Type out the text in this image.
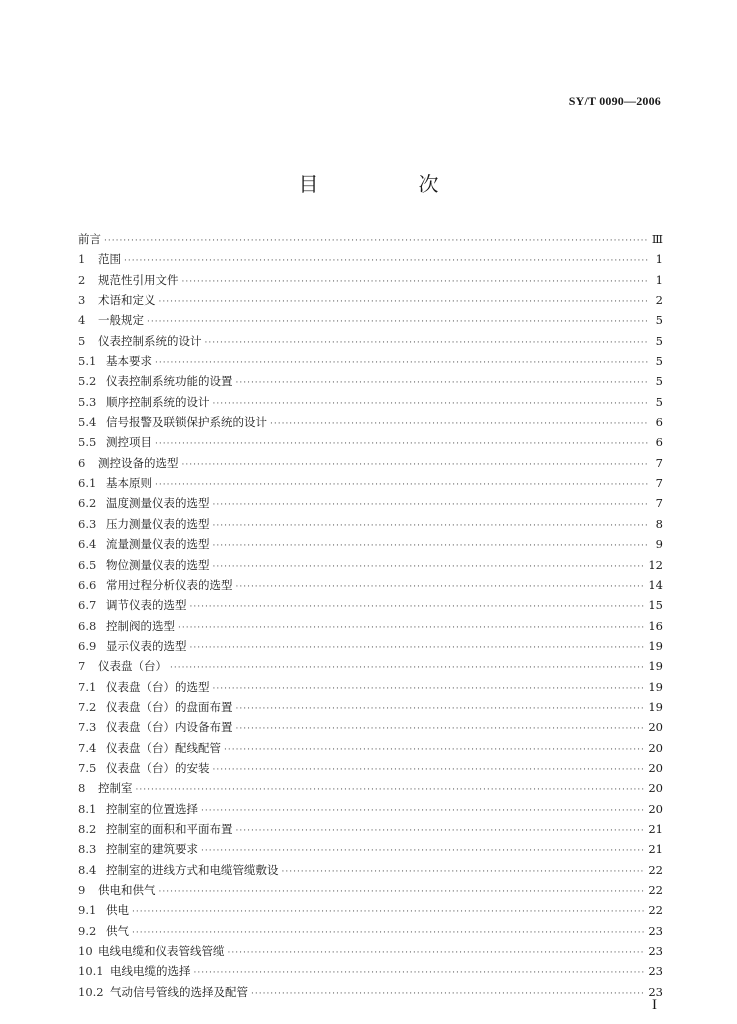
SY/T 0090—2006
目　次
前言 ·····	Ⅲ
1	范围 ·····	1
2	规范性引用文件 ·····	1
3	术语和定义 ·····	2
4	一般规定 ·····	5
5	仪表控制系统的设计 ·····	5
5.1 基本要求 ·····	5
5.2 仪表控制系统功能的设置 ·····	5
5.3 顺序控制系统的设计 ·····	5
5.4 信号报警及联锁保护系统的设计 ·····	6
5.5 测控项目 ·····	6
6	测控设备的选型 ·····	7
6.1 基本原则 ·····	7
6.2 温度测量仪表的选型 ·····	7
6.3 压力测量仪表的选型 ·····	8
6.4 流量测量仪表的选型 ·····	9
6.5 物位测量仪表的选型 ·····	12
6.6 常用过程分析仪表的选型 ·····	14
6.7 调节仪表的选型 ·····	15
6.8 控制阀的选型 ·····	16
6.9 显示仪表的选型 ·····	19
7	仪表盘（台） ·····	19
7.1 仪表盘（台）的选型 ·····	19
7.2 仪表盘（台）的盘面布置 ·····	19
7.3 仪表盘（台）内设备布置 ·····	20
7.4 仪表盘（台）配线配管 ·····	20
7.5 仪表盘（台）的安装 ·····	20
8	控制室 ·····	20
8.1 控制室的位置选择 ·····	20
8.2 控制室的面积和平面布置 ·····	21
8.3 控制室的建筑要求 ·····	21
8.4 控制室的进线方式和电缆管缆敷设 ·····	22
9	供电和供气 ·····	22
9.1 供电 ·····	22
9.2 供气 ·····	23
10 电线电缆和仪表管线管缆 ·····	23
10.1 电线电缆的选择 ·····	23
10.2 气动信号管线的选择及配管 ·····	23
I
